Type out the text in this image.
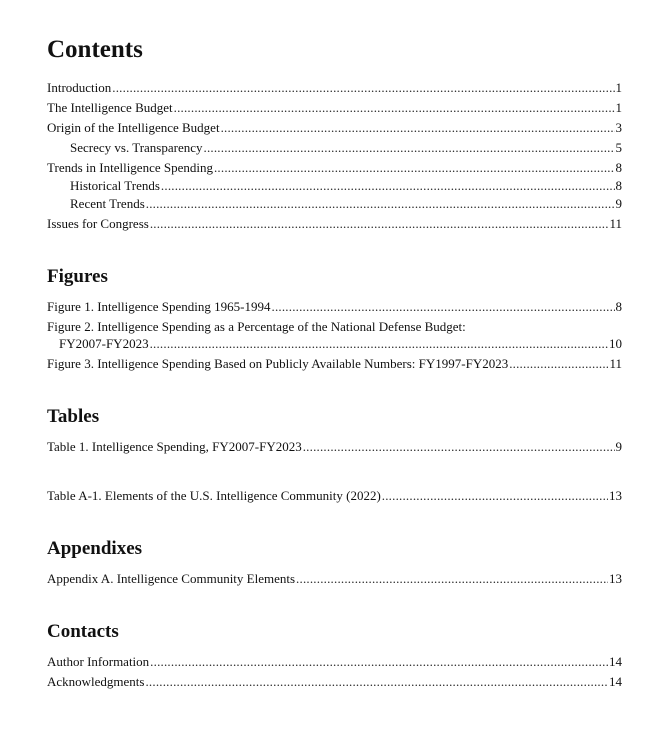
Contents
Introduction .....	1
The Intelligence Budget .....	1
Origin of the Intelligence Budget .....	3
Secrecy vs. Transparency .....	5
Trends in Intelligence Spending .....	8
Historical Trends .....	8
Recent Trends .....	9
Issues for Congress .....	11
Figures
Figure 1. Intelligence Spending 1965-1994 .....	8
Figure 2. Intelligence Spending as a Percentage of the National Defense Budget:
FY2007-FY2023 .....	10
Figure 3. Intelligence Spending Based on Publicly Available Numbers: FY1997-FY2023 .....	11
Tables
Table 1. Intelligence Spending, FY2007-FY2023 .....	9
Table A-1. Elements of the U.S. Intelligence Community (2022) .....	13
Appendixes
Appendix A. Intelligence Community Elements .....	13
Contacts
Author Information .....	14
Acknowledgments .....	14
